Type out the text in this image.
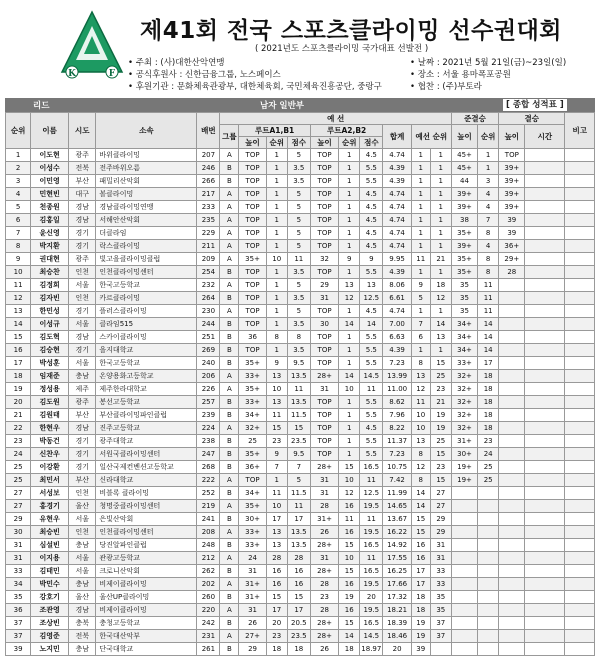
K	F
제41회 전국 스포츠클라이밍 선수권대회
( 2021년도 스포츠클라이밍 국가대표 선발전 )
• 주최 : (사)대한산악연맹
• 공식후원사 : 신한금융그룹, 노스페이스
• 후원기관 : 문화체육관광부, 대한체육회, 국민체육진흥공단, 중랑구
• 날짜 : 2021년 5월 21일(금)~23일(일)
• 장소 : 서울 용마폭포공원
• 협찬 : (주)부토라
리드	남자 일반부	[ 종합 성적표 ]
순위	이름	시도	소속	배번	예 선										준결승		결승		비고
					그룹	루트A1,B1			루트A2,B2			합계	예선 순위		높이	순위	높이	시간	
						높이	순위	점수	높이	순위	점수								
1	이도현	광주	바위클라이밍	207	A	TOP	1	5	TOP	1	4.5	4.74	1	1	45+	1	TOP		
2	이성수	전북	전주바위오름	246	B	TOP	1	3.5	TOP	1	5.5	4.39	1	1	45+	1	39+		
3	이민영	부산	패밀리산악회	266	B	TOP	1	3.5	TOP	1	5.5	4.39	1	1	44	3	39+		
4	민현빈	대구	볼클라이밍	217	A	TOP	1	5	TOP	1	4.5	4.74	1	1	39+	4	39+		
5	천종원	경남	경남클라이밍연맹	233	A	TOP	1	5	TOP	1	4.5	4.74	1	1	39+	4	39+		
6	김홍일	경남	서해안산악회	235	A	TOP	1	5	TOP	1	4.5	4.74	1	1	38	7	39		
7	윤신영	경기	더클라임	229	A	TOP	1	5	TOP	1	4.5	4.74	1	1	35+	8	39		
8	박지환	경기	락스클라이밍	211	A	TOP	1	5	TOP	1	4.5	4.74	1	1	39+	4	36+		
9	권대현	광주	빛고을클라이밍클럽	209	A	35+	10	11	32	9	9	9.95	11	21	35+	8	29+		
10	최승찬	인천	인천클라이밍센터	254	B	TOP	1	3.5	TOP	1	5.5	4.39	1	1	35+	8	28		
11	김정희	서울	한국고등학교	232	A	TOP	1	5	29	13	13	8.06	9	18	35	11			
12	김자빈	인천	카르클라이밍	264	B	TOP	1	3.5	31	12	12.5	6.61	5	12	35	11			
13	한민성	경기	플러스클라이밍	230	A	TOP	1	5	TOP	1	4.5	4.74	1	1	35	11			
14	이성규	서울	클라임515	244	B	TOP	1	3.5	30	14	14	7.00	7	14	34+	14			
15	김도혁	경남	스카이클라이밍	251	B	36	8	8	TOP	1	5.5	6.63	6	13	34+	14			
16	김승현	경기	을지대학교	269	B	TOP	1	3.5	TOP	1	5.5	4.39	1	1	34+	14			
17	박성훈	서울	한국고등학교	240	B	35+	9	9.5	TOP	1	5.5	7.23	8	15	33+	17			
18	임재준	충남	온양용화고등학교	206	A	33+	13	13.5	28+	14	14.5	13.99	13	25	32+	18			
19	정성용	제주	제주한라대학교	226	A	35+	10	11	31	10	11	11.00	12	23	32+	18			
20	김도원	광주	봉선고등학교	257	B	33+	13	13.5	TOP	1	5.5	8.62	11	21	32+	18			
21	김원태	부산	부산클라이밍파인클럽	239	B	34+	11	11.5	TOP	1	5.5	7.96	10	19	32+	18			
22	한현우	경남	진주고등학교	224	A	32+	15	15	TOP	1	4.5	8.22	10	19	32+	18			
23	박동건	경기	광주대학교	238	B	25	23	23.5	TOP	1	5.5	11.37	13	25	31+	23			
24	신찬우	경기	서원국클라이밍센터	247	B	35+	9	9.5	TOP	1	5.5	7.23	8	15	30+	24			
25	이강환	경기	일산국제컨벤션고등학교	268	B	36+	7	7	28+	15	16.5	10.75	12	23	19+	25			
25	최민서	부산	신라대학교	222	A	TOP	1	5	31	10	11	7.42	8	15	19+	25			
27	서성보	인천	비블록 클라이밍	252	B	34+	11	11.5	31	12	12.5	11.99	14	27					
27	홍경기	울산	청명중클라이밍센터	219	A	35+	10	11	28	16	19.5	14.65	14	27					
29	유현우	서울	은빛산악회	241	B	30+	17	17	31+	11	11	13.67	15	29					
30	최승빈	인천	인천클라이밍센터	208	A	33+	13	13.5	26	16	19.5	16.22	15	29					
31	심설빈	충남	당진알파인클럽	248	B	33+	13	13.5	28+	15	16.5	14.92	16	31					
31	이지용	서울	관광고등학교	212	A	24	28	28	31	10	11	17.55	16	31					
33	김태민	서울	크로니산악회	262	B	31	16	16	28+	15	16.5	16.25	17	33					
34	박민수	충남	비제이클라이밍	202	A	31+	16	16	28	16	19.5	17.66	17	33					
35	강호기	울산	울산UP클라이밍	260	B	31+	15	15	23	19	20	17.32	18	35					
36	조관영	경남	비제이클라이밍	220	A	31	17	17	28	16	19.5	18.21	18	35					
37	조상빈	충북	충청고등학교	242	B	26	20	20.5	28+	15	16.5	18.39	19	37					
37	김영준	전북	한국대산악부	231	A	27+	23	23.5	28+	14	14.5	18.46	19	37					
39	노지민	충남	단국대학교	261	B	29	18	18	26	18	18.97	20	39						
